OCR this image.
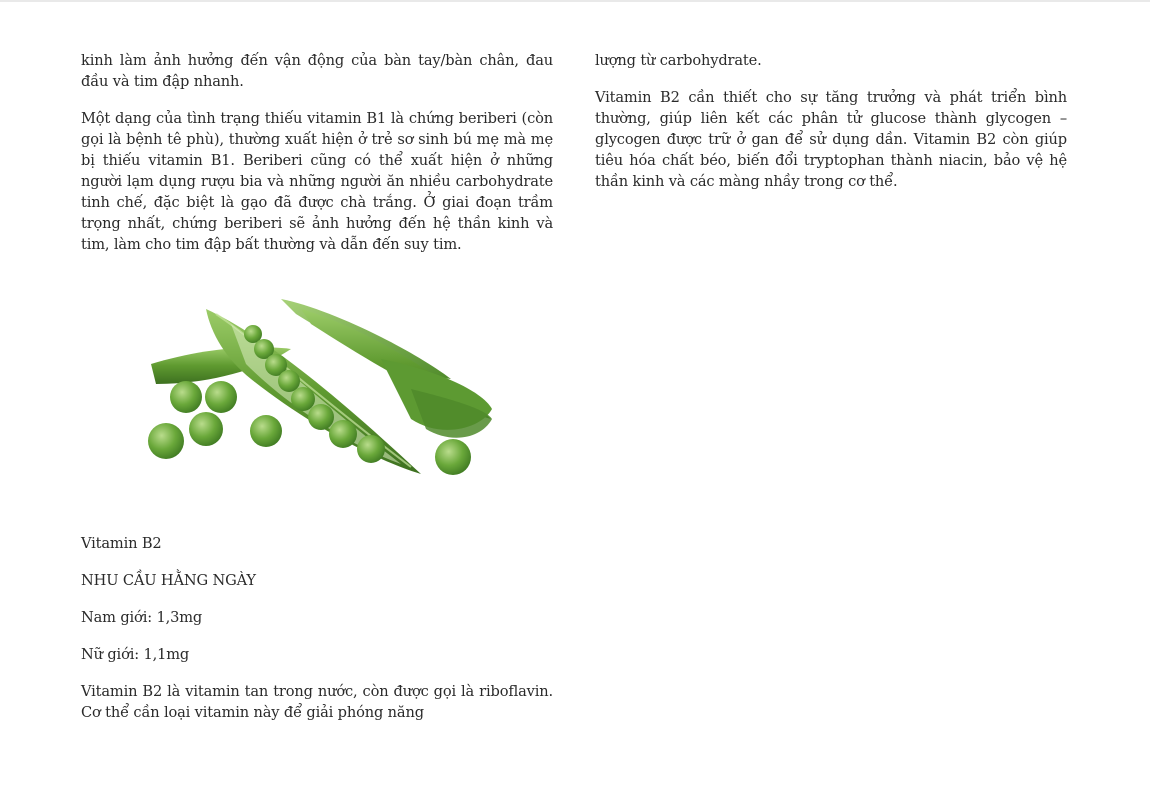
kinh làm ảnh hưởng đến vận động của bàn tay/bàn chân, đau đầu và tim đập nhanh.

Một dạng của tình trạng thiếu vitamin B1 là chứng beriberi (còn gọi là bệnh tê phù), thường xuất hiện ở trẻ sơ sinh bú mẹ mà mẹ bị thiếu vitamin B1. Beriberi cũng có thể xuất hiện ở những người lạm dụng rượu bia và những người ăn nhiều carbohydrate tinh chế, đặc biệt là gạo đã được chà trắng. Ở giai đoạn trầm trọng nhất, chứng beriberi sẽ ảnh hưởng đến hệ thần kinh và tim, làm cho tim đập bất thường và dẫn đến suy tim.

Vitamin B2

NHU CẦU HẰNG NGÀY

Nam giới: 1,3mg

Nữ giới: 1,1mg

Vitamin B2 là vitamin tan trong nước, còn được gọi là riboflavin. Cơ thể cần loại vitamin này để giải phóng năng

lượng từ carbohydrate.

Vitamin B2 cần thiết cho sự tăng trưởng và phát triển bình thường, giúp liên kết các phân tử glucose thành glycogen – glycogen được trữ ở gan để sử dụng dần. Vitamin B2 còn giúp tiêu hóa chất béo, biến đổi tryptophan thành niacin, bảo vệ hệ thần kinh và các màng nhầy trong cơ thể.
